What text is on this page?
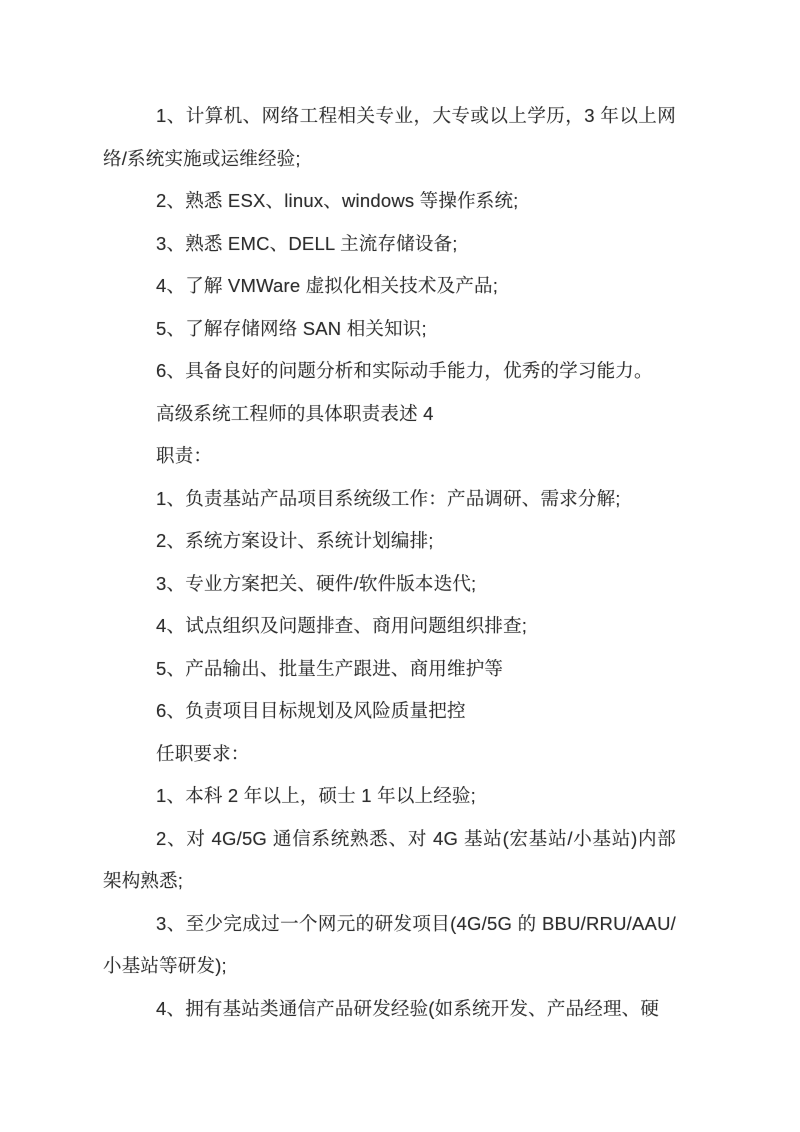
1、计算机、网络工程相关专业，大专或以上学历，3 年以上网络/系统实施或运维经验;

2、熟悉 ESX、linux、windows 等操作系统;

3、熟悉 EMC、DELL 主流存储设备;

4、了解 VMWare 虚拟化相关技术及产品;

5、了解存储网络 SAN 相关知识;

6、具备良好的问题分析和实际动手能力，优秀的学习能力。

高级系统工程师的具体职责表述 4

职责：

1、负责基站产品项目系统级工作：产品调研、需求分解;

2、系统方案设计、系统计划编排;

3、专业方案把关、硬件/软件版本迭代;

4、试点组织及问题排查、商用问题组织排查;

5、产品输出、批量生产跟进、商用维护等

6、负责项目目标规划及风险质量把控

任职要求：

1、本科 2 年以上，硕士 1 年以上经验;

2、对 4G/5G 通信系统熟悉、对 4G 基站(宏基站/小基站)内部架构熟悉;

3、至少完成过一个网元的研发项目(4G/5G 的 BBU/RRU/AAU/小基站等研发);

4、拥有基站类通信产品研发经验(如系统开发、产品经理、硬
